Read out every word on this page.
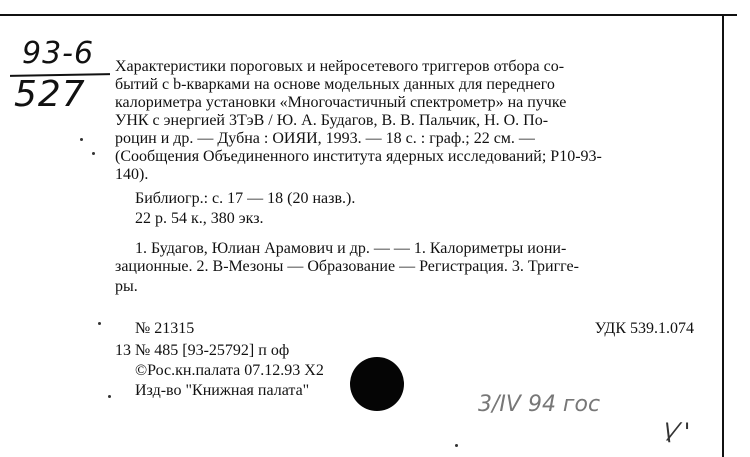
93-6
527
Характеристики пороговых и нейросетевого триггеров отбора со-
бытий с b-кварками на основе модельных данных для переднего
калориметра установки «Многочастичный спектрометр» на пучке
УНК с энергией 3ТэВ / Ю. А. Будагов, В. В. Пальчик, Н. О. По-
роцин и др. — Дубна : ОИЯИ, 1993. — 18 с. : граф.; 22 см. —
(Сообщения Объединенного института ядерных исследований; Р10-93-
140).
Библиогр.: с. 17 — 18 (20 назв.).
22 р. 54 к., 380 экз.
1. Будагов, Юлиан Арамович и др. — — 1. Калориметры иони-
зационные. 2. В-Мезоны — Образование — Регистрация. 3. Тригге-
ры.
№ 21315	УДК 539.1.074
13 № 485 [93-25792] п оф
©Рос.кн.палата 07.12.93 X2
Изд-во "Книжная палата"
3/IV 94 гос
\⁄ '
